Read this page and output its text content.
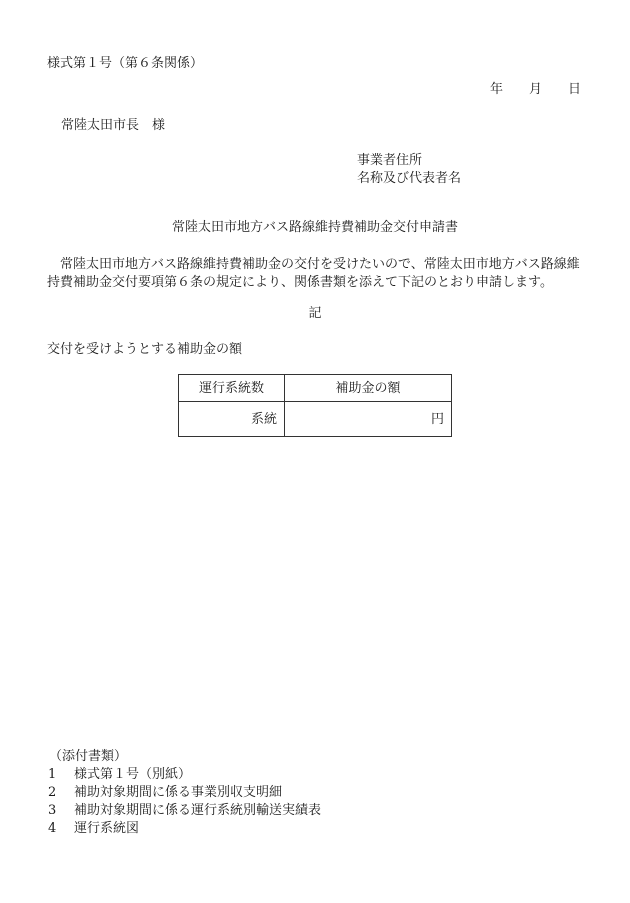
様式第１号（第６条関係）
年 月 日
常陸太田市長　様
事業者住所
名称及び代表者名
常陸太田市地方バス路線維持費補助金交付申請書
常陸太田市地方バス路線維持費補助金の交付を受けたいので、常陸太田市地方バス路線維
持費補助金交付要項第６条の規定により、関係書類を添えて下記のとおり申請します。
記
交付を受けようとする補助金の額
運行系統数	補助金の額
系統	円
（添付書類）
1 様式第１号（別紙）
2 補助対象期間に係る事業別収支明細
3 補助対象期間に係る運行系統別輸送実績表
4 運行系統図
